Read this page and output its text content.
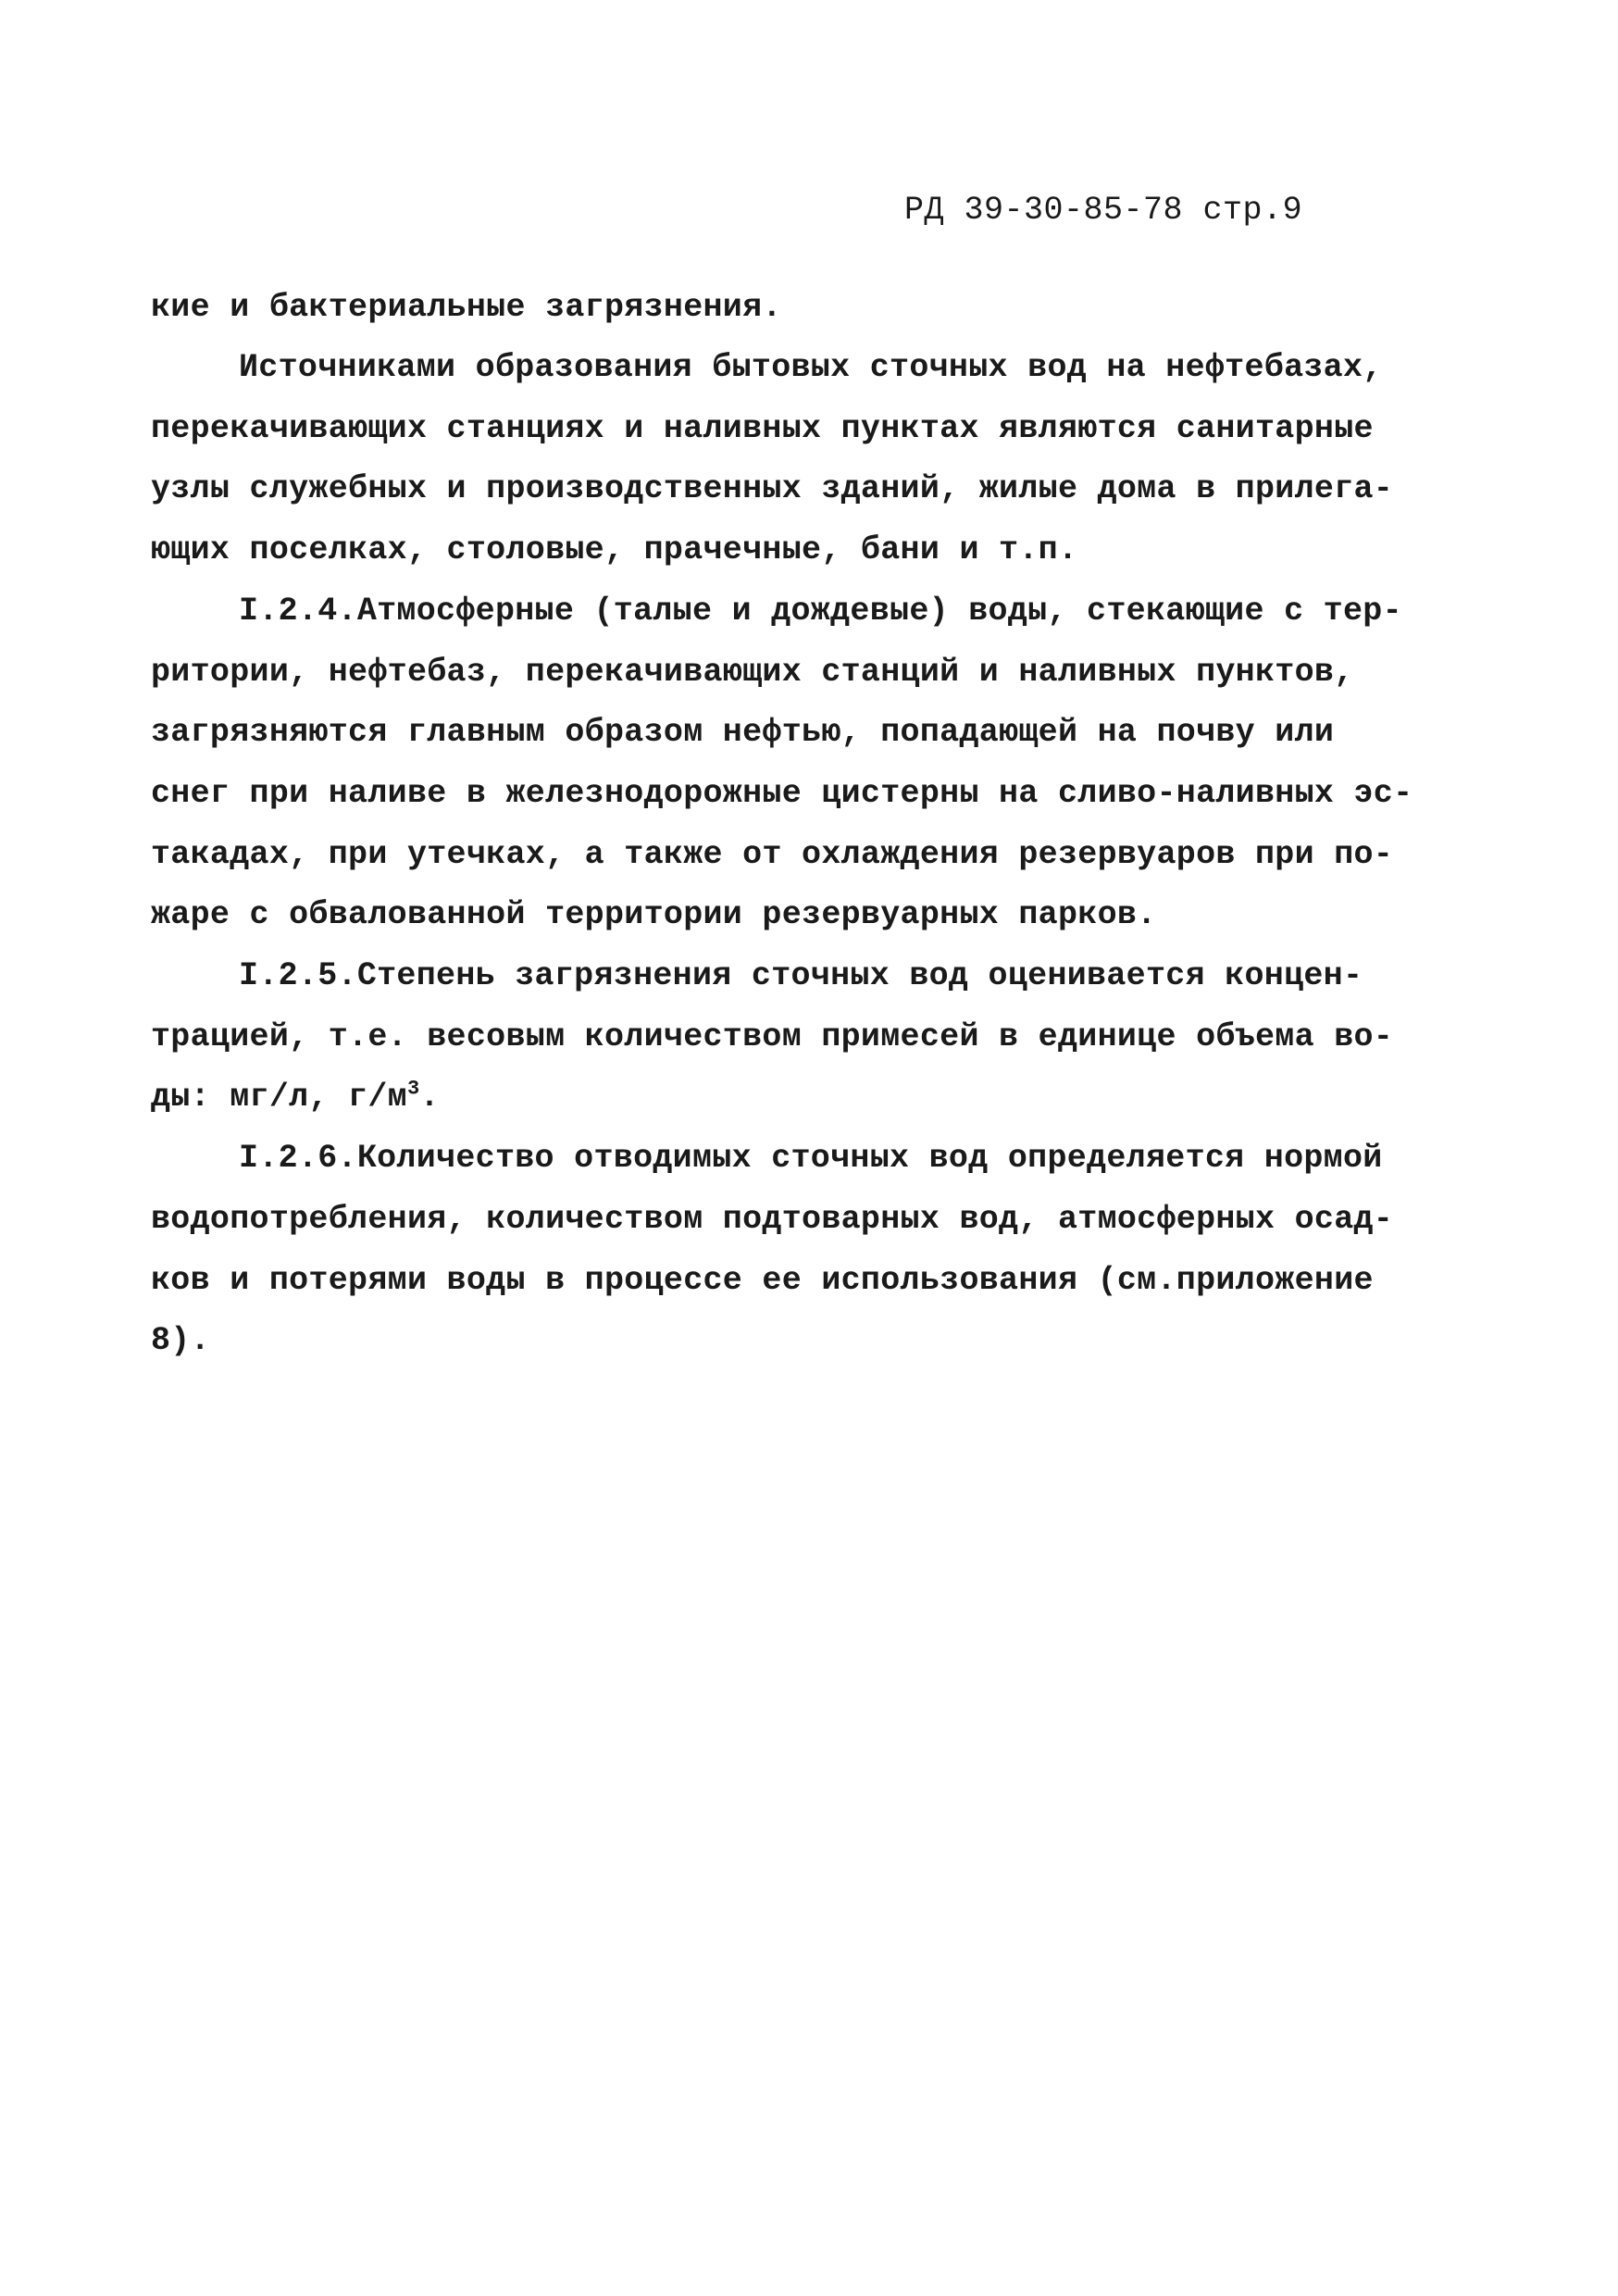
РД 39-30-85-78 стр.9
кие и бактериальные загрязнения.
Источниками образования бытовых сточных вод на нефтебазах,
перекачивающих станциях и наливных пунктах являются санитарные
узлы служебных и производственных зданий, жилые дома в прилега-
ющих поселках, столовые, прачечные, бани и т.п.
I.2.4.Атмосферные (талые и дождевые) воды, стекающие с тер-
ритории, нефтебаз, перекачивающих станций и наливных пунктов,
загрязняются главным образом нефтью, попадающей на почву или
снег при наливе в железнодорожные цистерны на сливо-наливных эс-
такадах, при утечках, а также от охлаждения резервуаров при по-
жаре с обвалованной территории резервуарных парков.
I.2.5.Степень загрязнения сточных вод оценивается концен-
трацией, т.е. весовым количеством примесей в единице объема во-
ды: мг/л, $г/м^3$.
I.2.6.Количество отводимых сточных вод определяется нормой
водопотребления, количеством подтоварных вод, атмосферных осад-
ков и потерями воды в процессе ее использования (см.приложение
8).
